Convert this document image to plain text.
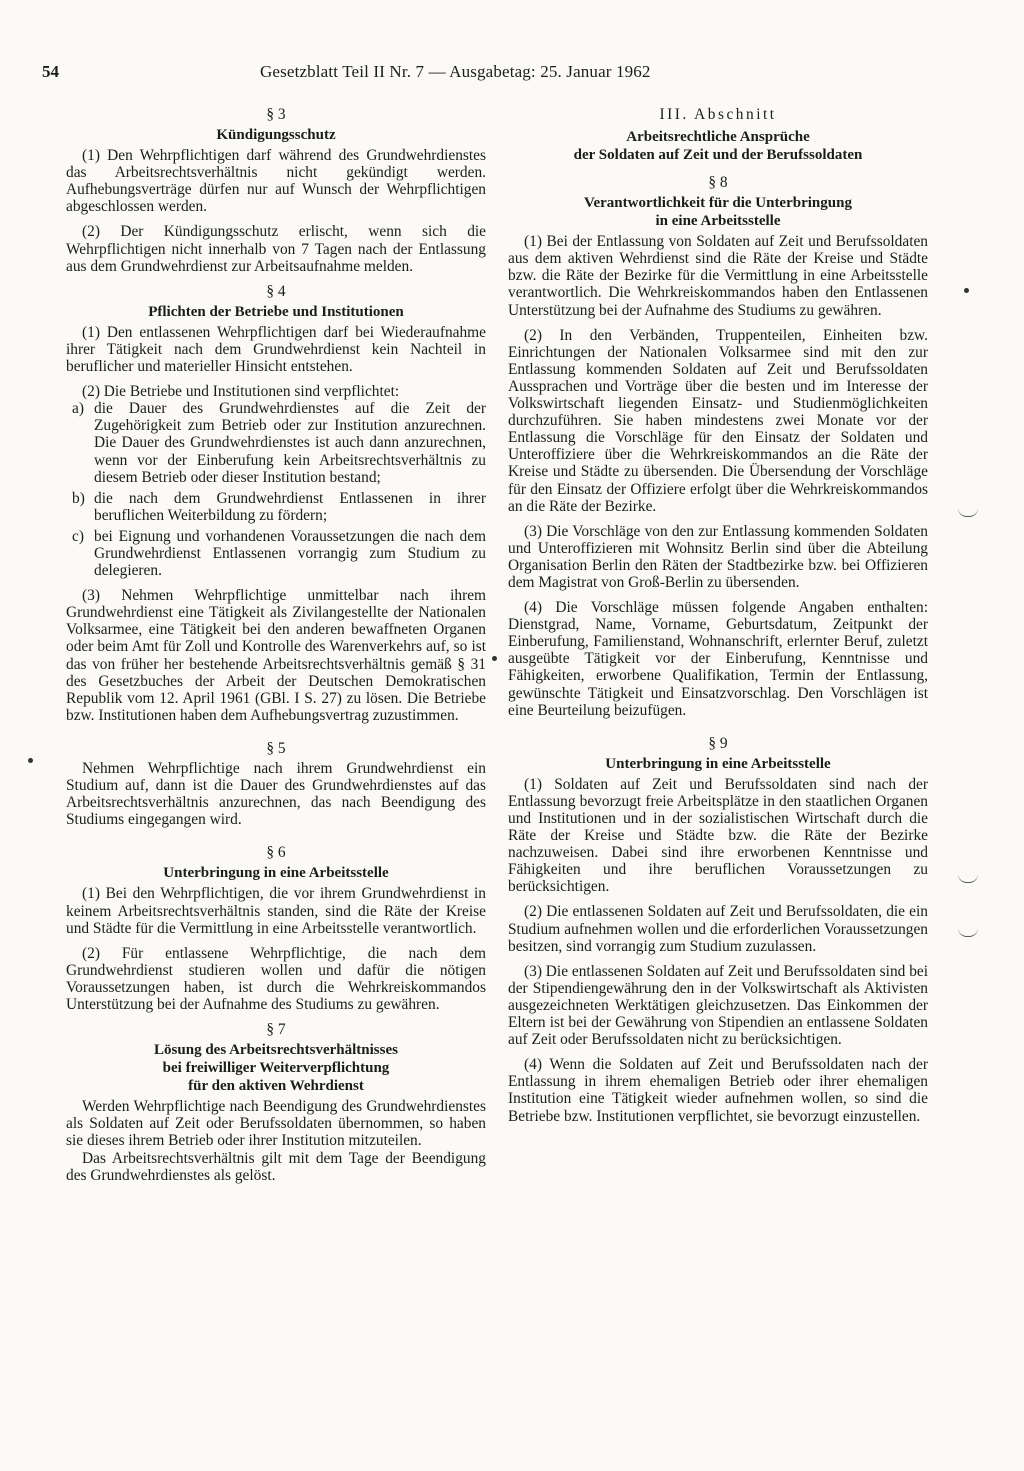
54	Gesetzblatt Teil II Nr. 7 — Ausgabetag: 25. Januar 1962
§ 3
Kündigungsschutz

(1) Den Wehrpflichtigen darf während des Grundwehrdienstes das Arbeitsrechtsverhältnis nicht gekündigt werden. Aufhebungsverträge dürfen nur auf Wunsch der Wehrpflichtigen abgeschlossen werden.

(2) Der Kündigungsschutz erlischt, wenn sich die Wehrpflichtigen nicht innerhalb von 7 Tagen nach der Entlassung aus dem Grundwehrdienst zur Arbeitsaufnahme melden.

§ 4
Pflichten der Betriebe und Institutionen

(1) Den entlassenen Wehrpflichtigen darf bei Wiederaufnahme ihrer Tätigkeit nach dem Grundwehrdienst kein Nachteil in beruflicher und materieller Hinsicht entstehen.

(2) Die Betriebe und Institutionen sind verpflichtet:

a) die Dauer des Grundwehrdienstes auf die Zeit der Zugehörigkeit zum Betrieb oder zur Institution anzurechnen. Die Dauer des Grundwehrdienstes ist auch dann anzurechnen, wenn vor der Einberufung kein Arbeitsrechtsverhältnis zu diesem Betrieb oder dieser Institution bestand;
b) die nach dem Grundwehrdienst Entlassenen in ihrer beruflichen Weiterbildung zu fördern;
c) bei Eignung und vorhandenen Voraussetzungen die nach dem Grundwehrdienst Entlassenen vorrangig zum Studium zu delegieren.

(3) Nehmen Wehrpflichtige unmittelbar nach ihrem Grundwehrdienst eine Tätigkeit als Zivilangestellte der Nationalen Volksarmee, eine Tätigkeit bei den anderen bewaffneten Organen oder beim Amt für Zoll und Kontrolle des Warenverkehrs auf, so ist das von früher her bestehende Arbeitsrechtsverhältnis gemäß § 31 des Gesetzbuches der Arbeit der Deutschen Demokratischen Republik vom 12. April 1961 (GBl. I S. 27) zu lösen. Die Betriebe bzw. Institutionen haben dem Aufhebungsvertrag zuzustimmen.

§ 5

Nehmen Wehrpflichtige nach ihrem Grundwehrdienst ein Studium auf, dann ist die Dauer des Grundwehrdienstes auf das Arbeitsrechtsverhältnis anzurechnen, das nach Beendigung des Studiums eingegangen wird.

§ 6
Unterbringung in eine Arbeitsstelle

(1) Bei den Wehrpflichtigen, die vor ihrem Grundwehrdienst in keinem Arbeitsrechtsverhältnis standen, sind die Räte der Kreise und Städte für die Vermittlung in eine Arbeitsstelle verantwortlich.

(2) Für entlassene Wehrpflichtige, die nach dem Grundwehrdienst studieren wollen und dafür die nötigen Voraussetzungen haben, ist durch die Wehrkreiskommandos Unterstützung bei der Aufnahme des Studiums zu gewähren.

§ 7
Lösung des Arbeitsrechtsverhältnisses
bei freiwilliger Weiterverpflichtung
für den aktiven Wehrdienst

Werden Wehrpflichtige nach Beendigung des Grundwehrdienstes als Soldaten auf Zeit oder Berufssoldaten übernommen, so haben sie dieses ihrem Betrieb oder ihrer Institution mitzuteilen.

Das Arbeitsrechtsverhältnis gilt mit dem Tage der Beendigung des Grundwehrdienstes als gelöst.

III. Abschnitt
Arbeitsrechtliche Ansprüche
der Soldaten auf Zeit und der Berufssoldaten
§ 8
Verantwortlichkeit für die Unterbringung
in eine Arbeitsstelle

(1) Bei der Entlassung von Soldaten auf Zeit und Berufssoldaten aus dem aktiven Wehrdienst sind die Räte der Kreise und Städte bzw. die Räte der Bezirke für die Vermittlung in eine Arbeitsstelle verantwortlich. Die Wehrkreiskommandos haben den Entlassenen Unterstützung bei der Aufnahme des Studiums zu gewähren.

(2) In den Verbänden, Truppenteilen, Einheiten bzw. Einrichtungen der Nationalen Volksarmee sind mit den zur Entlassung kommenden Soldaten auf Zeit und Berufssoldaten Aussprachen und Vorträge über die besten und im Interesse der Volkswirtschaft liegenden Einsatz- und Studienmöglichkeiten durchzuführen. Sie haben mindestens zwei Monate vor der Entlassung die Vorschläge für den Einsatz der Soldaten und Unteroffiziere über die Wehrkreiskommandos an die Räte der Kreise und Städte zu übersenden. Die Übersendung der Vorschläge für den Einsatz der Offiziere erfolgt über die Wehrkreiskommandos an die Räte der Bezirke.

(3) Die Vorschläge von den zur Entlassung kommenden Soldaten und Unteroffizieren mit Wohnsitz Berlin sind über die Abteilung Organisation Berlin den Räten der Stadtbezirke bzw. bei Offizieren dem Magistrat von Groß-Berlin zu übersenden.

(4) Die Vorschläge müssen folgende Angaben enthalten: Dienstgrad, Name, Vorname, Geburtsdatum, Zeitpunkt der Einberufung, Familienstand, Wohnanschrift, erlernter Beruf, zuletzt ausgeübte Tätigkeit vor der Einberufung, Kenntnisse und Fähigkeiten, erworbene Qualifikation, Termin der Entlassung, gewünschte Tätigkeit und Einsatzvorschlag. Den Vorschlägen ist eine Beurteilung beizufügen.

§ 9
Unterbringung in eine Arbeitsstelle

(1) Soldaten auf Zeit und Berufssoldaten sind nach der Entlassung bevorzugt freie Arbeitsplätze in den staatlichen Organen und Institutionen und in der sozialistischen Wirtschaft durch die Räte der Kreise und Städte bzw. die Räte der Bezirke nachzuweisen. Dabei sind ihre erworbenen Kenntnisse und Fähigkeiten und ihre beruflichen Voraussetzungen zu berücksichtigen.

(2) Die entlassenen Soldaten auf Zeit und Berufssoldaten, die ein Studium aufnehmen wollen und die erforderlichen Voraussetzungen besitzen, sind vorrangig zum Studium zuzulassen.

(3) Die entlassenen Soldaten auf Zeit und Berufssoldaten sind bei der Stipendiengewährung den in der Volkswirtschaft als Aktivisten ausgezeichneten Werktätigen gleichzusetzen. Das Einkommen der Eltern ist bei der Gewährung von Stipendien an entlassene Soldaten auf Zeit oder Berufssoldaten nicht zu berücksichtigen.

(4) Wenn die Soldaten auf Zeit und Berufssoldaten nach der Entlassung in ihrem ehemaligen Betrieb oder ihrer ehemaligen Institution eine Tätigkeit wieder aufnehmen wollen, so sind die Betriebe bzw. Institutionen verpflichtet, sie bevorzugt einzustellen.
